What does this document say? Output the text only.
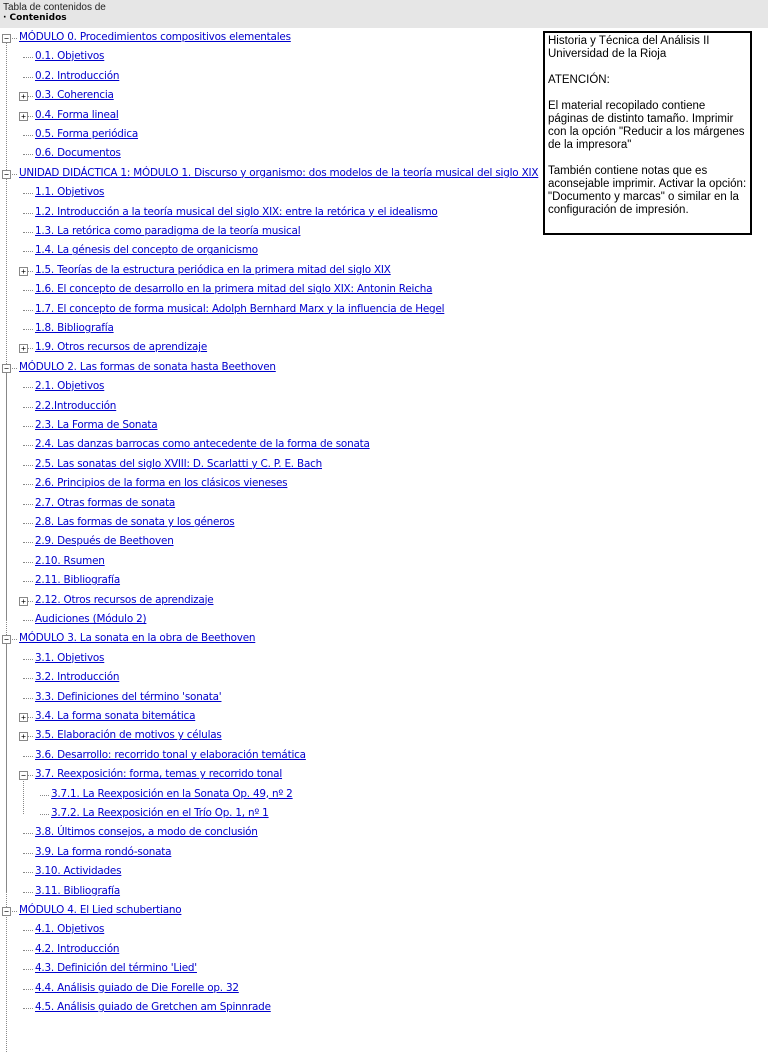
Tabla de contenidos de
· Contenidos
− MÓDULO 0. Procedimientos compositivos elementales
0.1. Objetivos
0.2. Introducción
+ 0.3. Coherencia
+ 0.4. Forma lineal
0.5. Forma periódica
0.6. Documentos
− UNIDAD DIDÁCTICA 1: MÓDULO 1. Discurso y organismo: dos modelos de la teoría musical del siglo XIX
1.1. Objetivos
1.2. Introducción a la teoría musical del siglo XIX: entre la retórica y el idealismo
1.3. La retórica como paradigma de la teoría musical
1.4. La génesis del concepto de organicismo
+ 1.5. Teorías de la estructura periódica en la primera mitad del siglo XIX
1.6. El concepto de desarrollo en la primera mitad del siglo XIX: Antonin Reicha
1.7. El concepto de forma musical: Adolph Bernhard Marx y la influencia de Hegel
1.8. Bibliografía
+ 1.9. Otros recursos de aprendizaje
− MÓDULO 2. Las formas de sonata hasta Beethoven
2.1. Objetivos
2.2.Introducción
2.3. La Forma de Sonata
2.4. Las danzas barrocas como antecedente de la forma de sonata
2.5. Las sonatas del siglo XVIII: D. Scarlatti y C. P. E. Bach
2.6. Principios de la forma en los clásicos vieneses
2.7. Otras formas de sonata
2.8. Las formas de sonata y los géneros
2.9. Después de Beethoven
2.10. Rsumen
2.11. Bibliografía
+ 2.12. Otros recursos de aprendizaje
Audiciones (Módulo 2)
− MÓDULO 3. La sonata en la obra de Beethoven
3.1. Objetivos
3.2. Introducción
3.3. Definiciones del término 'sonata'
+ 3.4. La forma sonata bitemática
+ 3.5. Elaboración de motivos y células
3.6. Desarrollo: recorrido tonal y elaboración temática
− 3.7. Reexposición: forma, temas y recorrido tonal
3.7.1. La Reexposición en la Sonata Op. 49, nº 2
3.7.2. La Reexposición en el Trío Op. 1, nº 1
3.8. Últimos consejos, a modo de conclusión
3.9. La forma rondó-sonata
3.10. Actividades
3.11. Bibliografía
− MÓDULO 4. El Lied schubertiano
4.1. Objetivos
4.2. Introducción
4.3. Definición del término 'Lied'
4.4. Análisis guiado de Die Forelle op. 32
4.5. Análisis guiado de Gretchen am Spinnrade
Historia y Técnica del Análisis II
Universidad de la Rioja

ATENCIÓN:

El material recopilado contiene páginas de distinto tamaño. Imprimir con la opción "Reducir a los márgenes de la impresora"

También contiene notas que es aconsejable imprimir. Activar la opción: "Documento y marcas" o similar en la configuración de impresión.
